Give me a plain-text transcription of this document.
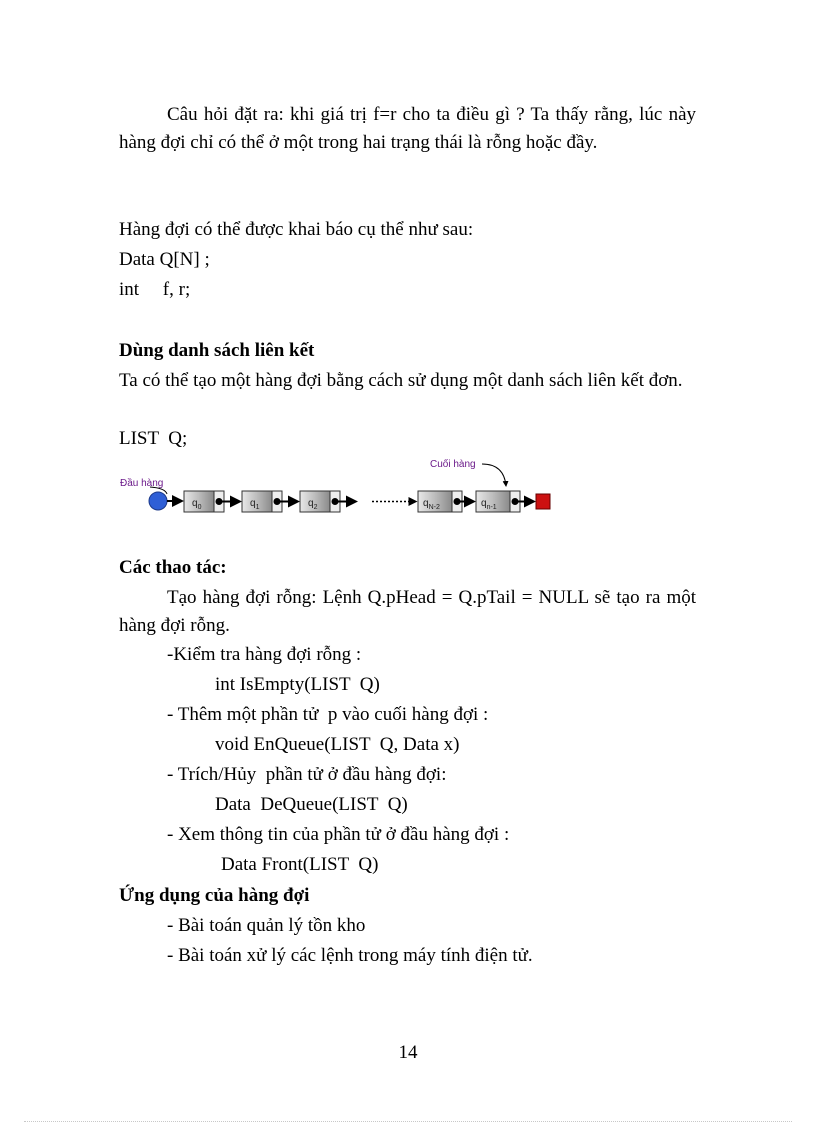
Câu hỏi đặt ra: khi giá trị f=r cho ta điều gì ? Ta thấy rằng, lúc này hàng đợi chỉ có thể ở một trong hai trạng thái là rỗng hoặc đầy.

Hàng đợi có thể được khai báo cụ thể như sau:

Data Q[N] ;

int     f, r;

Dùng danh sách liên kết

Ta có thể tạo một hàng đợi bằng cách sử dụng một danh sách liên kết đơn.

LIST  Q;

Đầu hàng
$q_0$	$q_1$	$q_2$	$q_{N-2}$
Cuối hàng
$q_{n-1}$

Các thao tác:

Tạo hàng đợi rỗng: Lệnh Q.pHead = Q.pTail = NULL sẽ tạo ra một hàng đợi rỗng.

-Kiểm tra hàng đợi rỗng :

int IsEmpty(LIST  Q)

- Thêm một phần tử  p vào cuối hàng đợi :

void EnQueue(LIST  Q, Data x)

- Trích/Hủy  phần tử ở đầu hàng đợi:

Data  DeQueue(LIST  Q)

- Xem thông tin của phần tử ở đầu hàng đợi :

Data Front(LIST  Q)

Ứng dụng của hàng đợi

- Bài toán quản lý tồn kho

- Bài toán xử lý các lệnh trong máy tính điện tử.

14
